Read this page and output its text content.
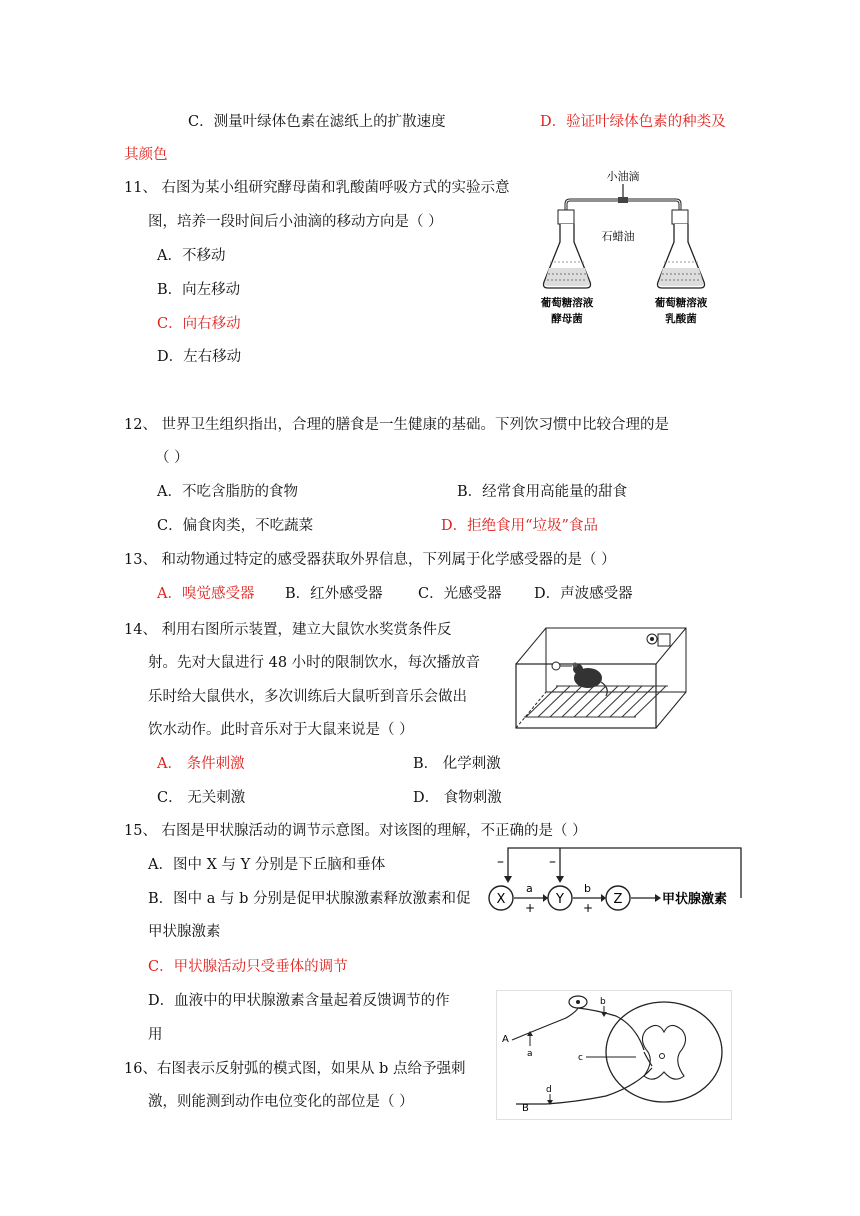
C．测量叶绿体色素在滤纸上的扩散速度	D．验证叶绿体色素的种类及
其颜色
11、 右图为某小组研究酵母菌和乳酸菌呼吸方式的实验示意
图，培养一段时间后小油滴的移动方向是（ ）
A．不移动
B．向左移动
C．向右移动
D．左右移动
小油滴
石蜡油
葡萄糖溶液
酵母菌
葡萄糖溶液
乳酸菌
12、 世界卫生组织指出，合理的膳食是一生健康的基础。下列饮习惯中比较合理的是
（ ）
A．不吃含脂肪的食物	B．经常食用高能量的甜食
C．偏食肉类，不吃蔬菜	D．拒绝食用“垃圾”食品
13、 和动物通过特定的感受器获取外界信息，下列属于化学感受器的是（ ）
A．嗅觉感受器 B．红外感受器 C．光感受器 D．声波感受器
14、 利用右图所示装置，建立大鼠饮水奖赏条件反
射。先对大鼠进行 48 小时的限制饮水，每次播放音
乐时给大鼠供水，多次训练后大鼠听到音乐会做出
饮水动作。此时音乐对于大鼠来说是（ ）
A． 条件刺激	B． 化学刺激
C． 无关刺激	D． 食物刺激
15、 右图是甲状腺活动的调节示意图。对该图的理解，不正确的是（ ）
A．图中 X 与 Y 分别是下丘脑和垂体
B．图中 a 与 b 分别是促甲状腺激素释放激素和促
甲状腺激素
C．甲状腺活动只受垂体的调节
D．血液中的甲状腺激素含量起着反馈调节的作
用
–	–
X	Y	Z
a
+
b
+
甲状腺激素
16、右图表示反射弧的模式图，如果从 b 点给予强刺
激，则能测到动作电位变化的部位是（ ）
A
a
b
c
d
B
